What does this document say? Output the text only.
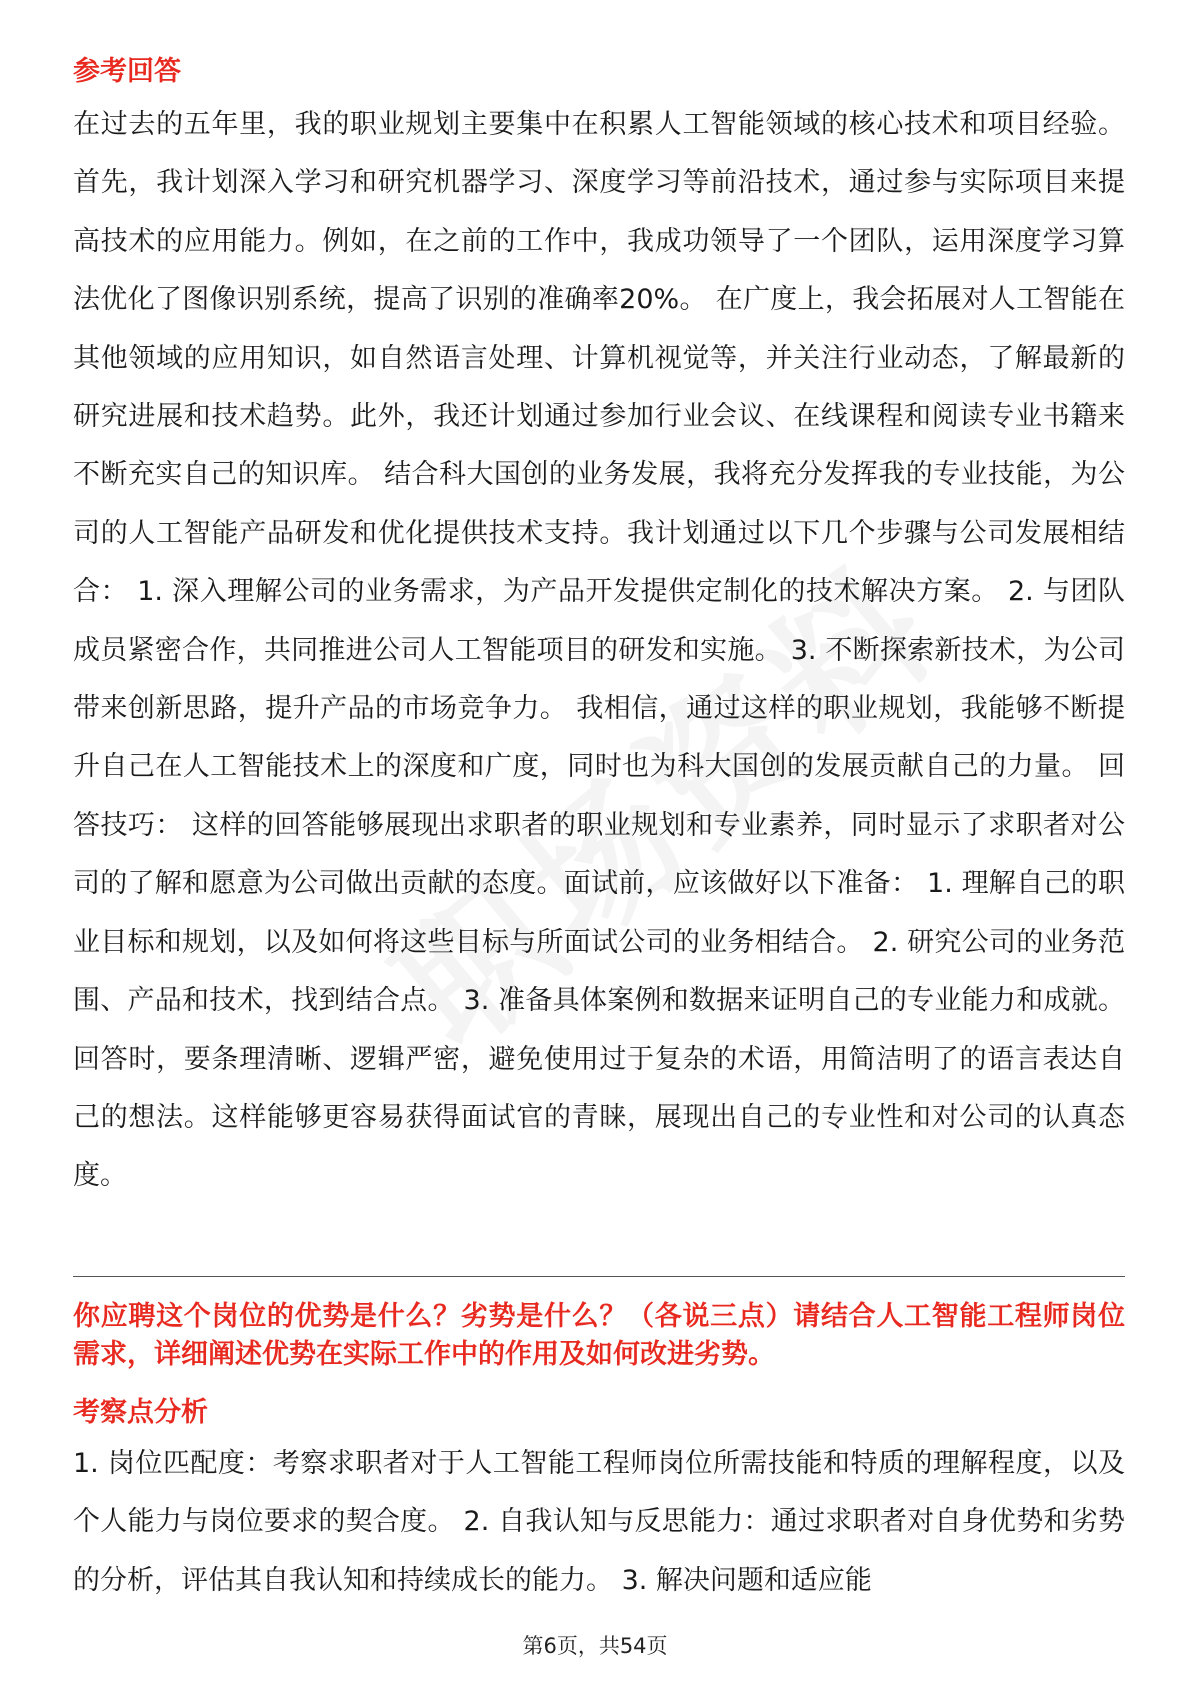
参考回答

在过去的五年里，我的职业规划主要集中在积累人工智能领域的核心技术和项目经验。首先，我计划深入学习和研究机器学习、深度学习等前沿技术，通过参与实际项目来提高技术的应用能力。例如，在之前的工作中，我成功领导了一个团队，运用深度学习算法优化了图像识别系统，提高了识别的准确率20%。 在广度上，我会拓展对人工智能在其他领域的应用知识，如自然语言处理、计算机视觉等，并关注行业动态，了解最新的研究进展和技术趋势。此外，我还计划通过参加行业会议、在线课程和阅读专业书籍来不断充实自己的知识库。 结合科大国创的业务发展，我将充分发挥我的专业技能，为公司的人工智能产品研发和优化提供技术支持。我计划通过以下几个步骤与公司发展相结合： 1. 深入理解公司的业务需求，为产品开发提供定制化的技术解决方案。 2. 与团队成员紧密合作，共同推进公司人工智能项目的研发和实施。 3. 不断探索新技术，为公司带来创新思路，提升产品的市场竞争力。 我相信，通过这样的职业规划，我能够不断提升自己在人工智能技术上的深度和广度，同时也为科大国创的发展贡献自己的力量。 回答技巧： 这样的回答能够展现出求职者的职业规划和专业素养，同时显示了求职者对公司的了解和愿意为公司做出贡献的态度。面试前，应该做好以下准备： 1. 理解自己的职业目标和规划，以及如何将这些目标与所面试公司的业务相结合。 2. 研究公司的业务范围、产品和技术，找到结合点。 3. 准备具体案例和数据来证明自己的专业能力和成就。 回答时，要条理清晰、逻辑严密，避免使用过于复杂的术语，用简洁明了的语言表达自己的想法。这样能够更容易获得面试官的青睐，展现出自己的专业性和对公司的认真态度。

你应聘这个岗位的优势是什么？劣势是什么？（各说三点）请结合人工智能工程师岗位需求，详细阐述优势在实际工作中的作用及如何改进劣势。
考察点分析

1. 岗位匹配度：考察求职者对于人工智能工程师岗位所需技能和特质的理解程度，以及个人能力与岗位要求的契合度。 2. 自我认知与反思能力：通过求职者对自身优势和劣势的分析，评估其自我认知和持续成长的能力。 3. 解决问题和适应能

第6页，共54页
